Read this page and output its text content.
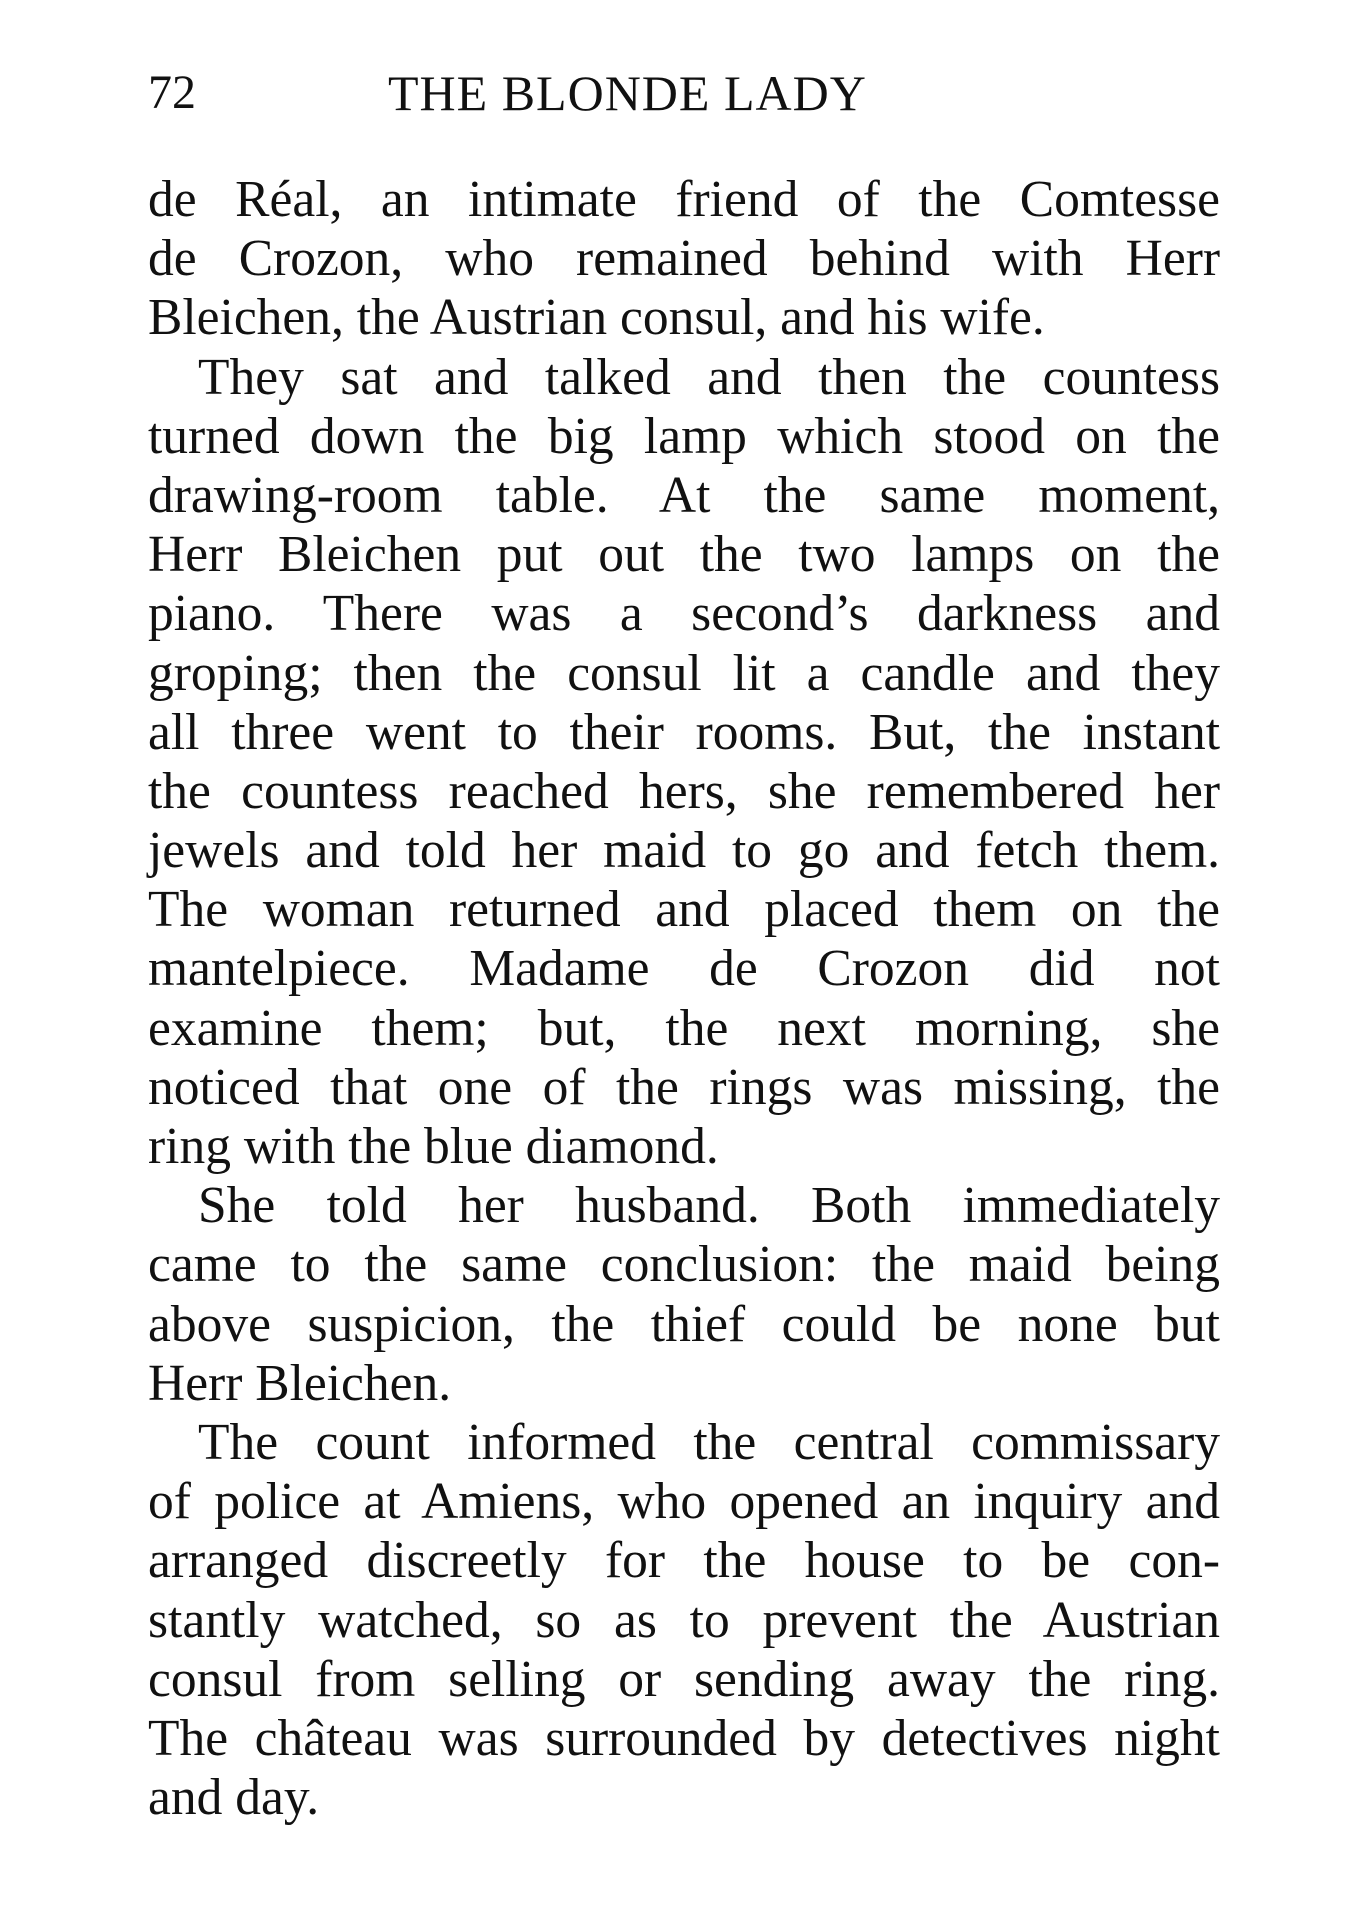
72	THE BLONDE LADY
de Réal, an intimate friend of the Comtesse
de Crozon, who remained behind with Herr
Bleichen, the Austrian consul, and his wife.
They sat and talked and then the countess
turned down the big lamp which stood on the
drawing-room table. At the same moment,
Herr Bleichen put out the two lamps on the
piano. There was a second’s darkness and
groping; then the consul lit a candle and they
all three went to their rooms. But, the instant
the countess reached hers, she remembered her
jewels and told her maid to go and fetch them.
The woman returned and placed them on the
mantelpiece. Madame de Crozon did not
examine them; but, the next morning, she
noticed that one of the rings was missing, the
ring with the blue diamond.
She told her husband. Both immediately
came to the same conclusion: the maid being
above suspicion, the thief could be none but
Herr Bleichen.
The count informed the central commissary
of police at Amiens, who opened an inquiry and
arranged discreetly for the house to be con-
stantly watched, so as to prevent the Austrian
consul from selling or sending away the ring.
The château was surrounded by detectives night
and day.
